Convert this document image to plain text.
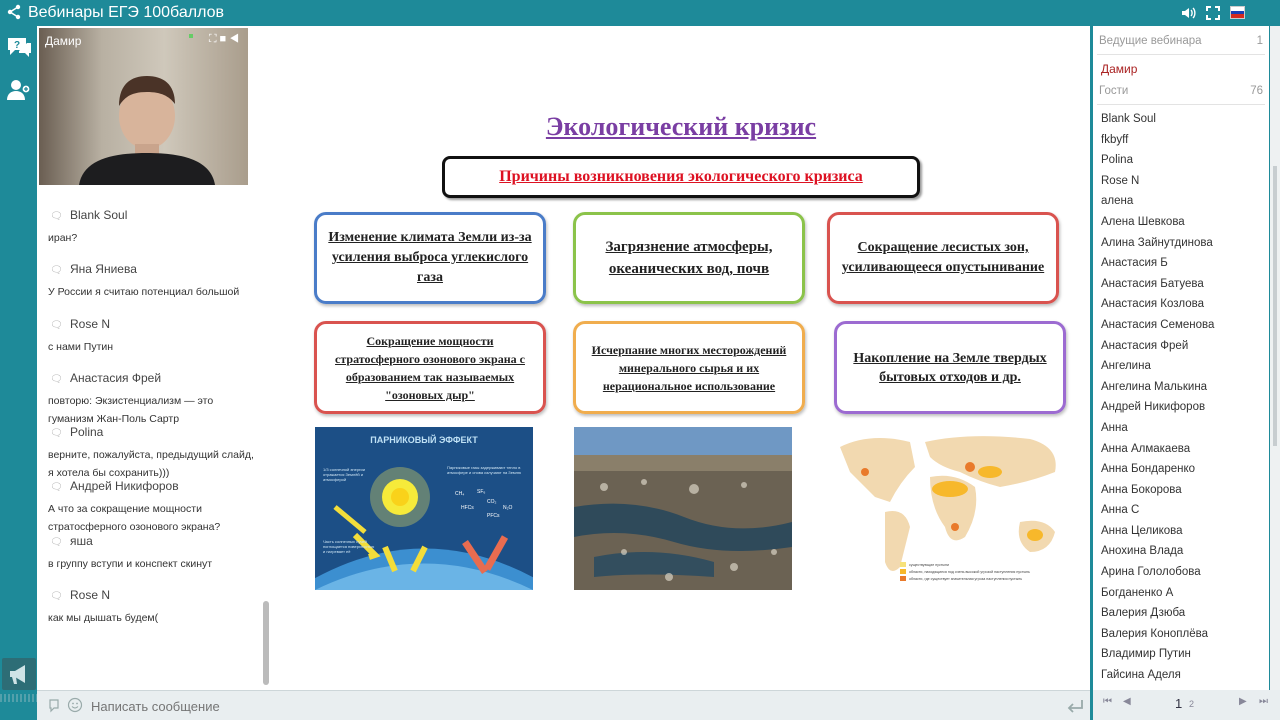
Вебинары ЕГЭ 100баллов
? Дамир	⛶■◀
🗨 Blank Soul
иран?
🗨 Яна Яниева
У России я считаю потенциал большой
🗨 Rose N
с нами Путин
🗨 Анастасия Фрей
повторю: Экзистенциализм — это гуманизм Жан-Поль Сартр
🗨 Polina
верните, пожалуйста, предыдущий слайд, я хотела бы сохранить)))
🗨 Андрей Никифоров
А что за сокращение мощности стратосферного озонового экрана?
🗨 яша
в группу вступи и конспект скинут
🗨 Rose N
как мы дышать будем(
Экологический кризис
Причины возникновения экологического кризиса
Изменение климата Земли из-за усиления выброса углекислого газа
Загрязнение атмосферы, океанических вод, почв
Сокращение лесистых зон, усиливающееся опустынивание
Сокращение мощности стратосферного озонового экрана с образованием так называемых "озоновых дыр"
Исчерпание многих месторождений минерального сырья и их нерациональное использование
Накопление на Земле твердых бытовых отходов и др.
ПАРНИКОВЫЙ ЭФФЕКТ
1/3 солнечной энергии отражается Землёй и атмосферой
Парниковые газы задерживают тепло в атмосфере и снова излучают на Землю
Часть солнечных лучей поглощается поверхностью и нагревает её
CH₄	SF₆
CO₂
N₂O
HFCs
PFCs
существующие пустыни
области, находящиеся под очень высокой угрозой наступления пустынь
области, где существует значительная угроза наступления пустынь
Написать сообщение
Ведущие вебинара	1
Дамир
Гости	76
Blank Soul
fkbyff
Polina
Rose N
алена
Алена Шевкова
Алина Зайнутдинова
Анастасия Б
Анастасия Батуева
Анастасия Козлова
Анастасия Семенова
Анастасия Фрей
Ангелина
Ангелина Малькина
Андрей Никифоров
Анна
Анна Алмакаева
Анна Бондаренко
Анна Бокорова
Анна С
Анна Целикова
Анохина Влада
Арина Гололобова
Богданенко А
Валерия Дзюба
Валерия Коноплёва
Владимир Путин
Гайсина Аделя
⏮ ◀	1 2	▶ ⏭
